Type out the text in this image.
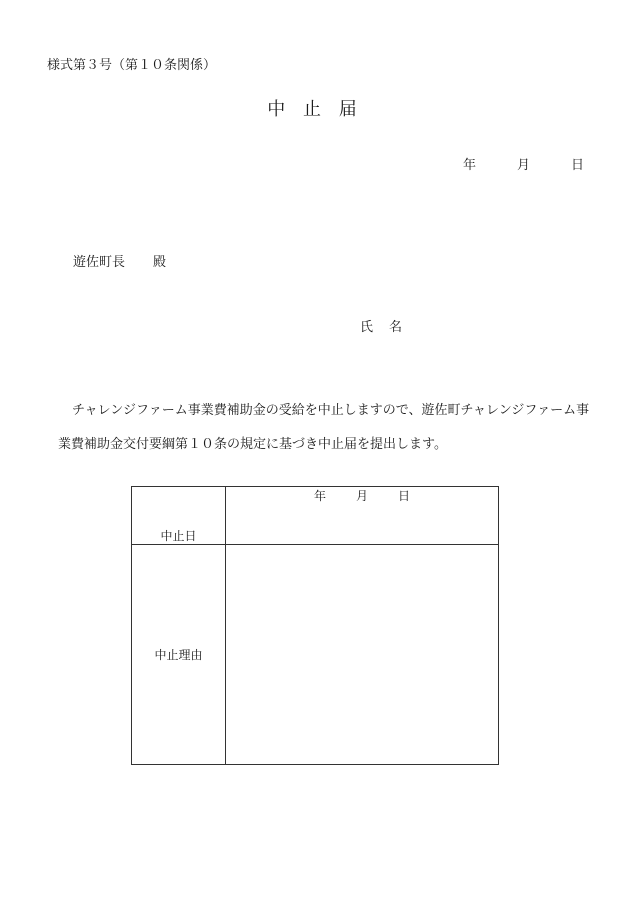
様式第３号（第１０条関係）
中 止 届
年	月	日
遊佐町長 殿
氏 名
チャレンジファーム事業費補助金の受給を中止しますので、遊佐町チャレンジファーム事業費補助金交付要綱第１０条の規定に基づき中止届を提出します。
中止日	年 月 日
中止理由	
